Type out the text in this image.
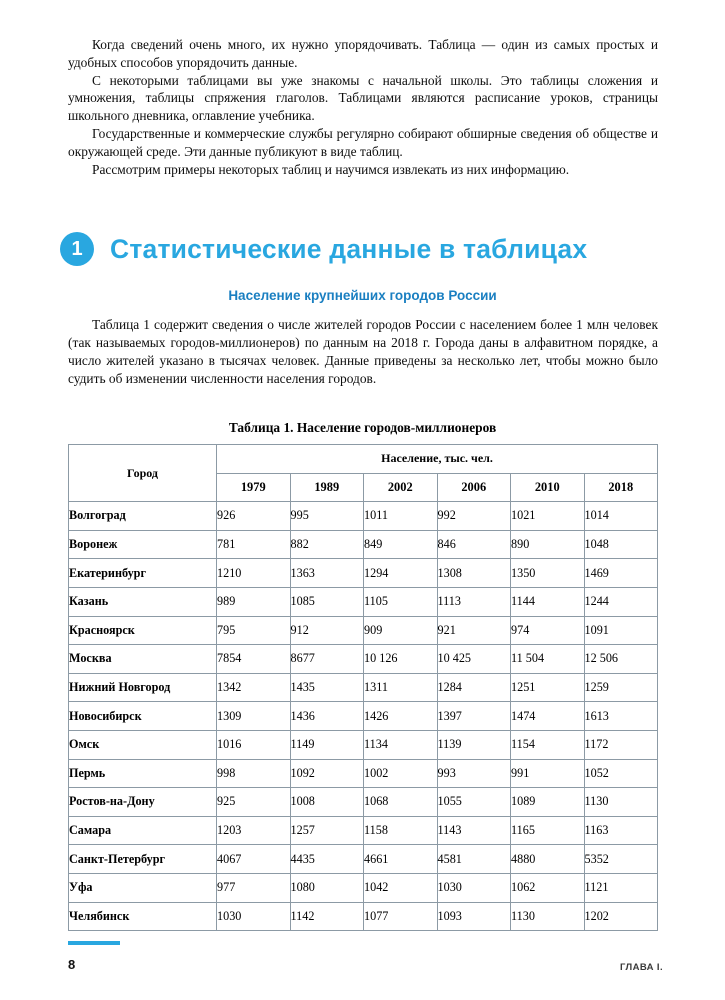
Когда сведений очень много, их нужно упорядочивать. Таблица — один из самых простых и удобных способов упорядочить данные.

С некоторыми таблицами вы уже знакомы с начальной школы. Это таблицы сложения и умножения, таблицы спряжения глаголов. Таблицами являются расписание уроков, страницы школьного дневника, оглавление учебника.

Государственные и коммерческие службы регулярно собирают обширные сведения об обществе и окружающей среде. Эти данные публикуют в виде таблиц.

Рассмотрим примеры некоторых таблиц и научимся извлекать из них информацию.

1	Статистические данные в таблицах
Население крупнейших городов России

Таблица 1 содержит сведения о числе жителей городов России с населением более 1 млн человек (так называемых городов-миллионеров) по данным на 2018 г. Города даны в алфавитном порядке, а число жителей указано в тысячах человек. Данные приведены за несколько лет, чтобы можно было судить об изменении численности населения городов.

Таблица 1. Население городов-миллионеров
Город	Население, тыс. чел.					
	1979	1989	2002	2006	2010	2018
Волгоград	926	995	1011	992	1021	1014
Воронеж	781	882	849	846	890	1048
Екатеринбург	1210	1363	1294	1308	1350	1469
Казань	989	1085	1105	1113	1144	1244
Красноярск	795	912	909	921	974	1091
Москва	7854	8677	10 126	10 425	11 504	12 506
Нижний Новгород	1342	1435	1311	1284	1251	1259
Новосибирск	1309	1436	1426	1397	1474	1613
Омск	1016	1149	1134	1139	1154	1172
Пермь	998	1092	1002	993	991	1052
Ростов-на-Дону	925	1008	1068	1055	1089	1130
Самара	1203	1257	1158	1143	1165	1163
Санкт-Петербург	4067	4435	4661	4581	4880	5352
Уфа	977	1080	1042	1030	1062	1121
Челябинск	1030	1142	1077	1093	1130	1202
8	ГЛАВА I.
